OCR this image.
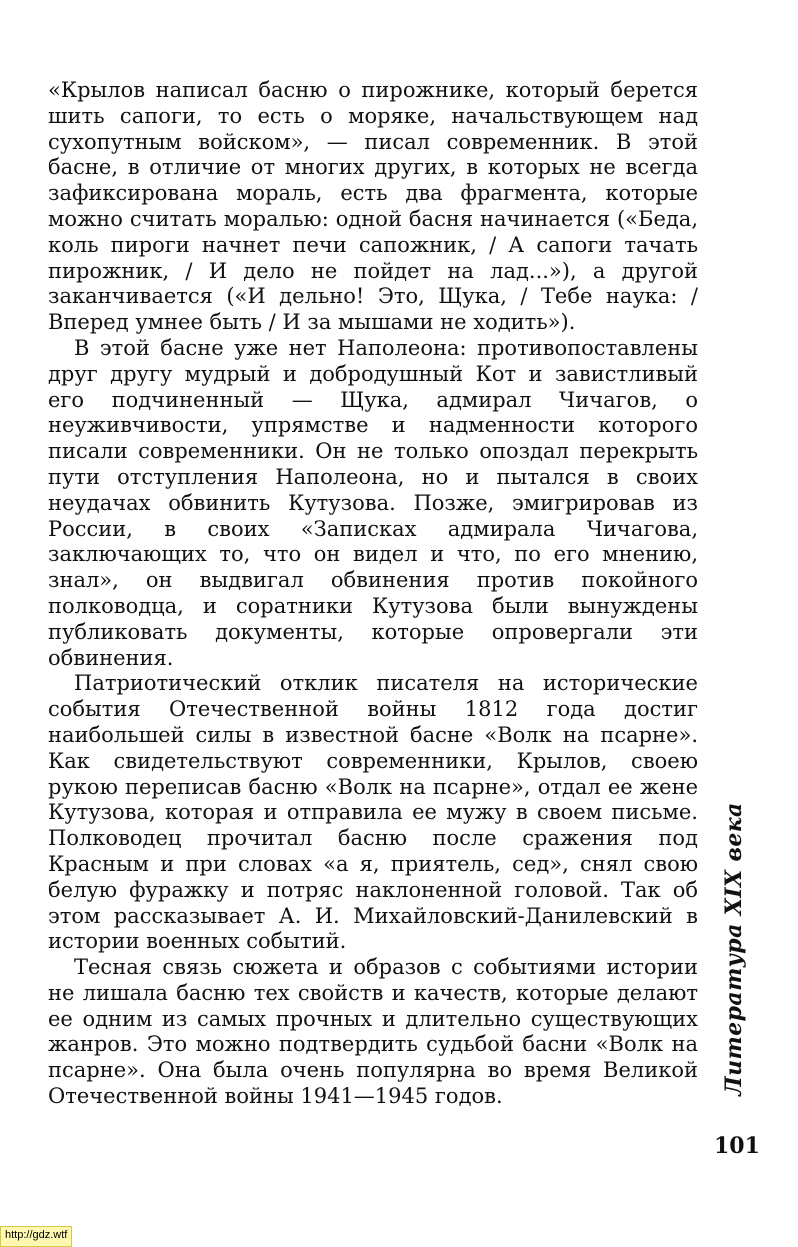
«Крылов написал басню о пирожнике, который берется шить сапоги, то есть о моряке, начальствующем над сухопутным войском», — писал современник. В этой басне, в отличие от многих других, в которых не всегда зафиксирована мораль, есть два фрагмента, которые можно считать моралью: одной басня начинается («Беда, коль пироги начнет печи сапожник, / А сапоги тачать пирожник, / И дело не пойдет на лад...»), а другой заканчивается («И дельно! Это, Щука, / Тебе наука: / Вперед умнее быть / И за мышами не ходить»).

В этой басне уже нет Наполеона: противопоставлены друг другу мудрый и добродушный Кот и завистливый его подчиненный — Щука, адмирал Чичагов, о неуживчивости, упрямстве и надменности которого писали современники. Он не только опоздал перекрыть пути отступления Наполеона, но и пытался в своих неудачах обвинить Кутузова. Позже, эмигрировав из России, в своих «Записках адмирала Чичагова, заключающих то, что он видел и что, по его мнению, знал», он выдвигал обвинения против покойного полководца, и соратники Кутузова были вынуждены публиковать документы, которые опровергали эти обвинения.

Патриотический отклик писателя на исторические события Отечественной войны 1812 года достиг наибольшей силы в известной басне «Волк на псарне». Как свидетельствуют современники, Крылов, своею рукою переписав басню «Волк на псарне», отдал ее жене Кутузова, которая и отправила ее мужу в своем письме. Полководец прочитал басню после сражения под Красным и при словах «а я, приятель, сед», снял свою белую фуражку и потряс наклоненной головой. Так об этом рассказывает А. И. Михайловский-Данилевский в истории военных событий.

Тесная связь сюжета и образов с событиями истории не лишала басню тех свойств и качеств, которые делают ее одним из самых прочных и длительно существующих жанров. Это можно подтвердить судьбой басни «Волк на псарне». Она была очень популярна во время Великой Отечественной войны 1941—1945 годов.

Литература XIX века
101
http://gdz.wtf
